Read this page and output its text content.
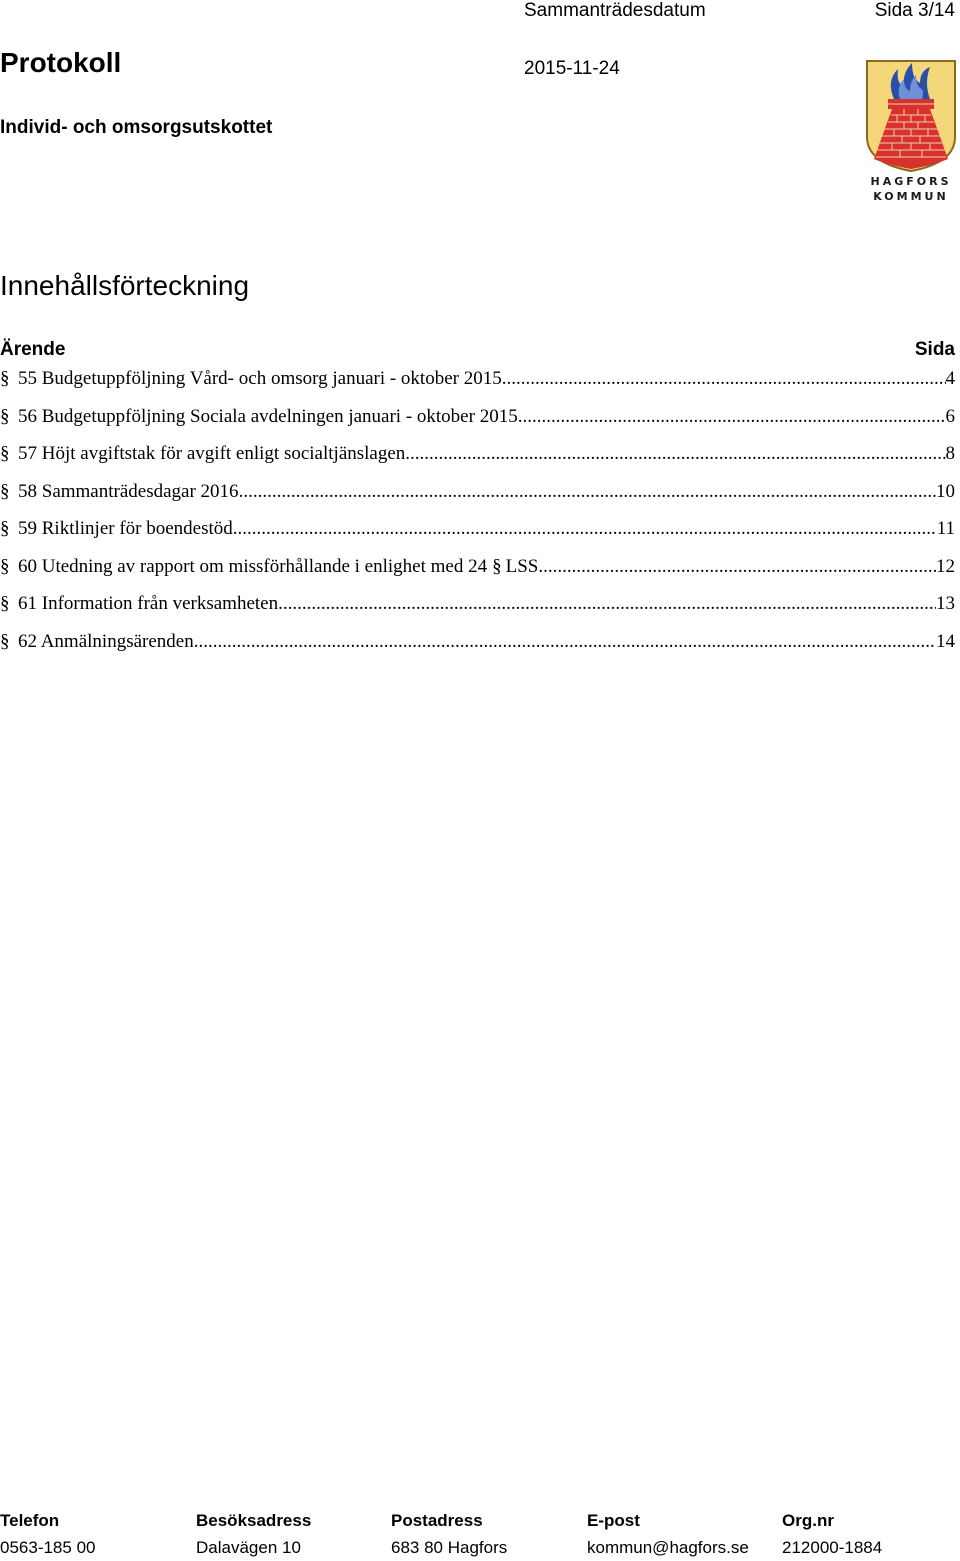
Sammanträdesdatum	Sida 3/14
Protokoll	2015-11-24
Individ- och omsorgsutskottet
HAGFORS
KOMMUN
Innehållsförteckning
Ärende	Sida
§ 55 Budgetuppföljning Vård- och omsorg januari - oktober 2015 .....	4
§ 56 Budgetuppföljning Sociala avdelningen januari - oktober 2015 .....	6
§ 57 Höjt avgiftstak för avgift enligt socialtjänslagen .....	8
§ 58 Sammanträdesdagar 2016 .....	10
§ 59 Riktlinjer för boendestöd .....	11
§ 60 Utedning av rapport om missförhållande i enlighet med 24 § LSS .....	12
§ 61 Information från verksamheten .....	13
§ 62 Anmälningsärenden .....	14
Telefon	Besöksadress	Postadress	E-post	Org.nr
0563-185 00	Dalavägen 10	683 80 Hagfors	kommun@hagfors.se 212000-1884
